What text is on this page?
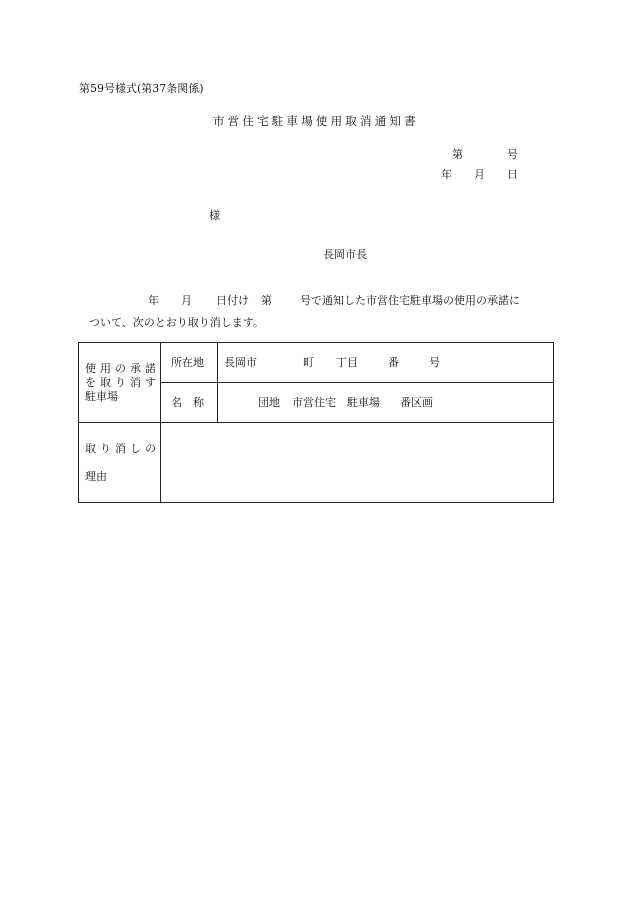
第59号様式(第37条関係)
市営住宅駐車場使用取消通知書
第	号
年 月 日
様
長岡市長
年 月 日付け 第	号で通知した市営住宅駐車場の使用の承諾に
ついて、次のとおり取り消します。
使用の承諾
を取り消す
駐車場	所在地	長岡市 町 丁目 番 号
	名　称	団地 市営住宅 駐車場 番区画

取り消しの
理由		
